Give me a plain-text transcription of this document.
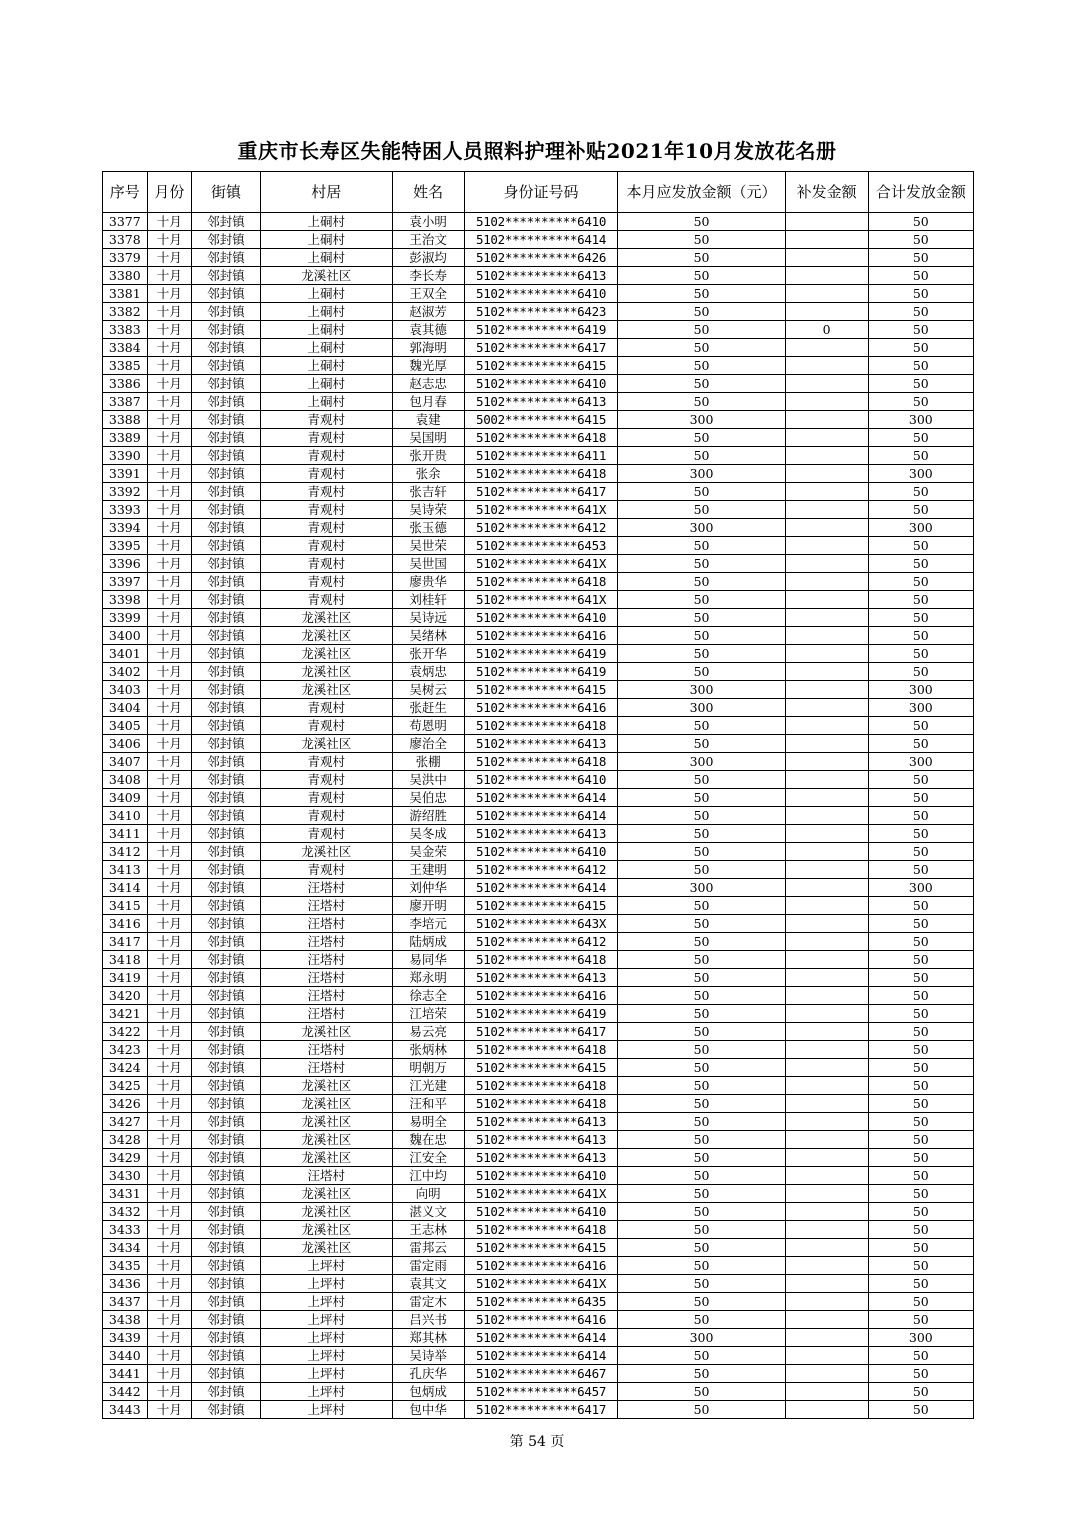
重庆市长寿区失能特困人员照料护理补贴2021年10月发放花名册
序号	月份	街镇	村居	姓名	身份证号码	本月应发放金额（元）	补发金额	合计发放金额
3377	十月	邻封镇	上硐村	袁小明	5102**********6410	50		50
3378	十月	邻封镇	上硐村	王治文	5102**********6414	50		50
3379	十月	邻封镇	上硐村	彭淑均	5102**********6426	50		50
3380	十月	邻封镇	龙溪社区	李长寿	5102**********6413	50		50
3381	十月	邻封镇	上硐村	王双全	5102**********6410	50		50
3382	十月	邻封镇	上硐村	赵淑芳	5102**********6423	50		50
3383	十月	邻封镇	上硐村	袁其德	5102**********6419	50	0	50
3384	十月	邻封镇	上硐村	郭海明	5102**********6417	50		50
3385	十月	邻封镇	上硐村	魏光厚	5102**********6415	50		50
3386	十月	邻封镇	上硐村	赵志忠	5102**********6410	50		50
3387	十月	邻封镇	上硐村	包月春	5102**********6413	50		50
3388	十月	邻封镇	青观村	袁建	5002**********6415	300		300
3389	十月	邻封镇	青观村	吴国明	5102**********6418	50		50
3390	十月	邻封镇	青观村	张开贵	5102**********6411	50		50
3391	十月	邻封镇	青观村	张余	5102**********6418	300		300
3392	十月	邻封镇	青观村	张吉轩	5102**********6417	50		50
3393	十月	邻封镇	青观村	吴诗荣	5102**********641X	50		50
3394	十月	邻封镇	青观村	张玉德	5102**********6412	300		300
3395	十月	邻封镇	青观村	吴世荣	5102**********6453	50		50
3396	十月	邻封镇	青观村	吴世国	5102**********641X	50		50
3397	十月	邻封镇	青观村	廖贵华	5102**********6418	50		50
3398	十月	邻封镇	青观村	刘桂轩	5102**********641X	50		50
3399	十月	邻封镇	龙溪社区	吴诗远	5102**********6410	50		50
3400	十月	邻封镇	龙溪社区	吴绪林	5102**********6416	50		50
3401	十月	邻封镇	龙溪社区	张开华	5102**********6419	50		50
3402	十月	邻封镇	龙溪社区	袁炳忠	5102**********6419	50		50
3403	十月	邻封镇	龙溪社区	吴树云	5102**********6415	300		300
3404	十月	邻封镇	青观村	张赶生	5102**********6416	300		300
3405	十月	邻封镇	青观村	苟恩明	5102**********6418	50		50
3406	十月	邻封镇	龙溪社区	廖治全	5102**********6413	50		50
3407	十月	邻封镇	青观村	张棚	5102**********6418	300		300
3408	十月	邻封镇	青观村	吴洪中	5102**********6410	50		50
3409	十月	邻封镇	青观村	吴伯忠	5102**********6414	50		50
3410	十月	邻封镇	青观村	游绍胜	5102**********6414	50		50
3411	十月	邻封镇	青观村	吴冬成	5102**********6413	50		50
3412	十月	邻封镇	龙溪社区	吴金荣	5102**********6410	50		50
3413	十月	邻封镇	青观村	王建明	5102**********6412	50		50
3414	十月	邻封镇	汪塔村	刘仲华	5102**********6414	300		300
3415	十月	邻封镇	汪塔村	廖开明	5102**********6415	50		50
3416	十月	邻封镇	汪塔村	李培元	5102**********643X	50		50
3417	十月	邻封镇	汪塔村	陆炳成	5102**********6412	50		50
3418	十月	邻封镇	汪塔村	易同华	5102**********6418	50		50
3419	十月	邻封镇	汪塔村	郑永明	5102**********6413	50		50
3420	十月	邻封镇	汪塔村	徐志全	5102**********6416	50		50
3421	十月	邻封镇	汪塔村	江培荣	5102**********6419	50		50
3422	十月	邻封镇	龙溪社区	易云亮	5102**********6417	50		50
3423	十月	邻封镇	汪塔村	张炳林	5102**********6418	50		50
3424	十月	邻封镇	汪塔村	明朝万	5102**********6415	50		50
3425	十月	邻封镇	龙溪社区	江光建	5102**********6418	50		50
3426	十月	邻封镇	龙溪社区	汪和平	5102**********6418	50		50
3427	十月	邻封镇	龙溪社区	易明全	5102**********6413	50		50
3428	十月	邻封镇	龙溪社区	魏在忠	5102**********6413	50		50
3429	十月	邻封镇	龙溪社区	江安全	5102**********6413	50		50
3430	十月	邻封镇	汪塔村	江中均	5102**********6410	50		50
3431	十月	邻封镇	龙溪社区	向明	5102**********641X	50		50
3432	十月	邻封镇	龙溪社区	湛义文	5102**********6410	50		50
3433	十月	邻封镇	龙溪社区	王志林	5102**********6418	50		50
3434	十月	邻封镇	龙溪社区	雷邦云	5102**********6415	50		50
3435	十月	邻封镇	上坪村	雷定雨	5102**********6416	50		50
3436	十月	邻封镇	上坪村	袁其文	5102**********641X	50		50
3437	十月	邻封镇	上坪村	雷定木	5102**********6435	50		50
3438	十月	邻封镇	上坪村	吕兴书	5102**********6416	50		50
3439	十月	邻封镇	上坪村	郑其林	5102**********6414	300		300
3440	十月	邻封镇	上坪村	吴诗举	5102**********6414	50		50
3441	十月	邻封镇	上坪村	孔庆华	5102**********6467	50		50
3442	十月	邻封镇	上坪村	包炳成	5102**********6457	50		50
3443	十月	邻封镇	上坪村	包中华	5102**********6417	50		50
第 54 页
